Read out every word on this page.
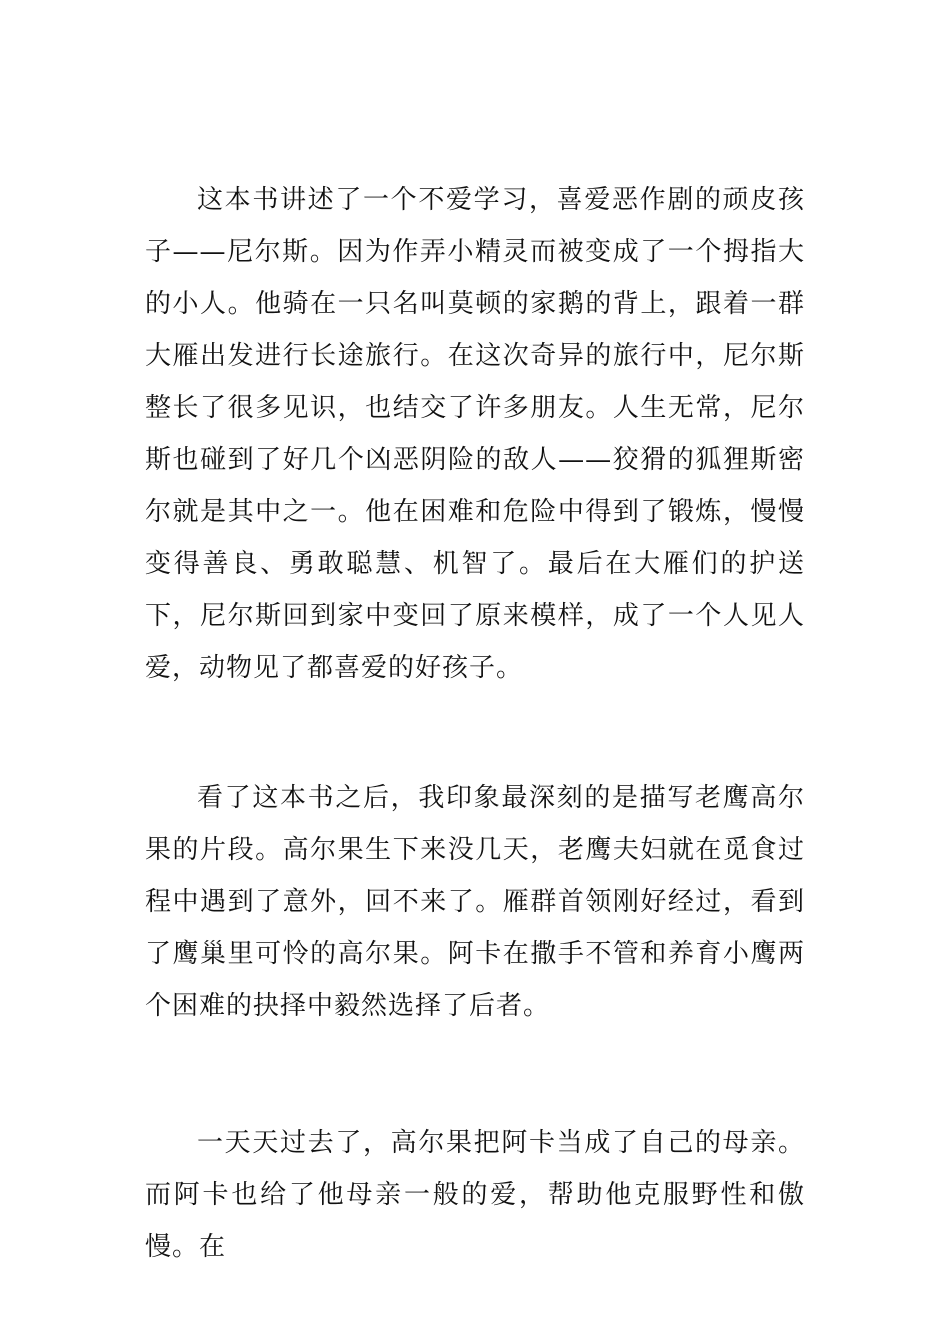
这本书讲述了一个不爱学习，喜爱恶作剧的顽皮孩子——尼尔斯。因为作弄小精灵而被变成了一个拇指大的小人。他骑在一只名叫莫顿的家鹅的背上，跟着一群大雁出发进行长途旅行。在这次奇异的旅行中，尼尔斯整长了很多见识，也结交了许多朋友。人生无常，尼尔斯也碰到了好几个凶恶阴险的敌人——狡猾的狐狸斯密尔就是其中之一。他在困难和危险中得到了锻炼，慢慢变得善良、勇敢聪慧、机智了。最后在大雁们的护送下，尼尔斯回到家中变回了原来模样，成了一个人见人爱，动物见了都喜爱的好孩子。

看了这本书之后，我印象最深刻的是描写老鹰高尔果的片段。高尔果生下来没几天，老鹰夫妇就在觅食过程中遇到了意外，回不来了。雁群首领刚好经过，看到了鹰巢里可怜的高尔果。阿卡在撒手不管和养育小鹰两个困难的抉择中毅然选择了后者。

一天天过去了，高尔果把阿卡当成了自己的母亲。而阿卡也给了他母亲一般的爱，帮助他克服野性和傲慢。在
